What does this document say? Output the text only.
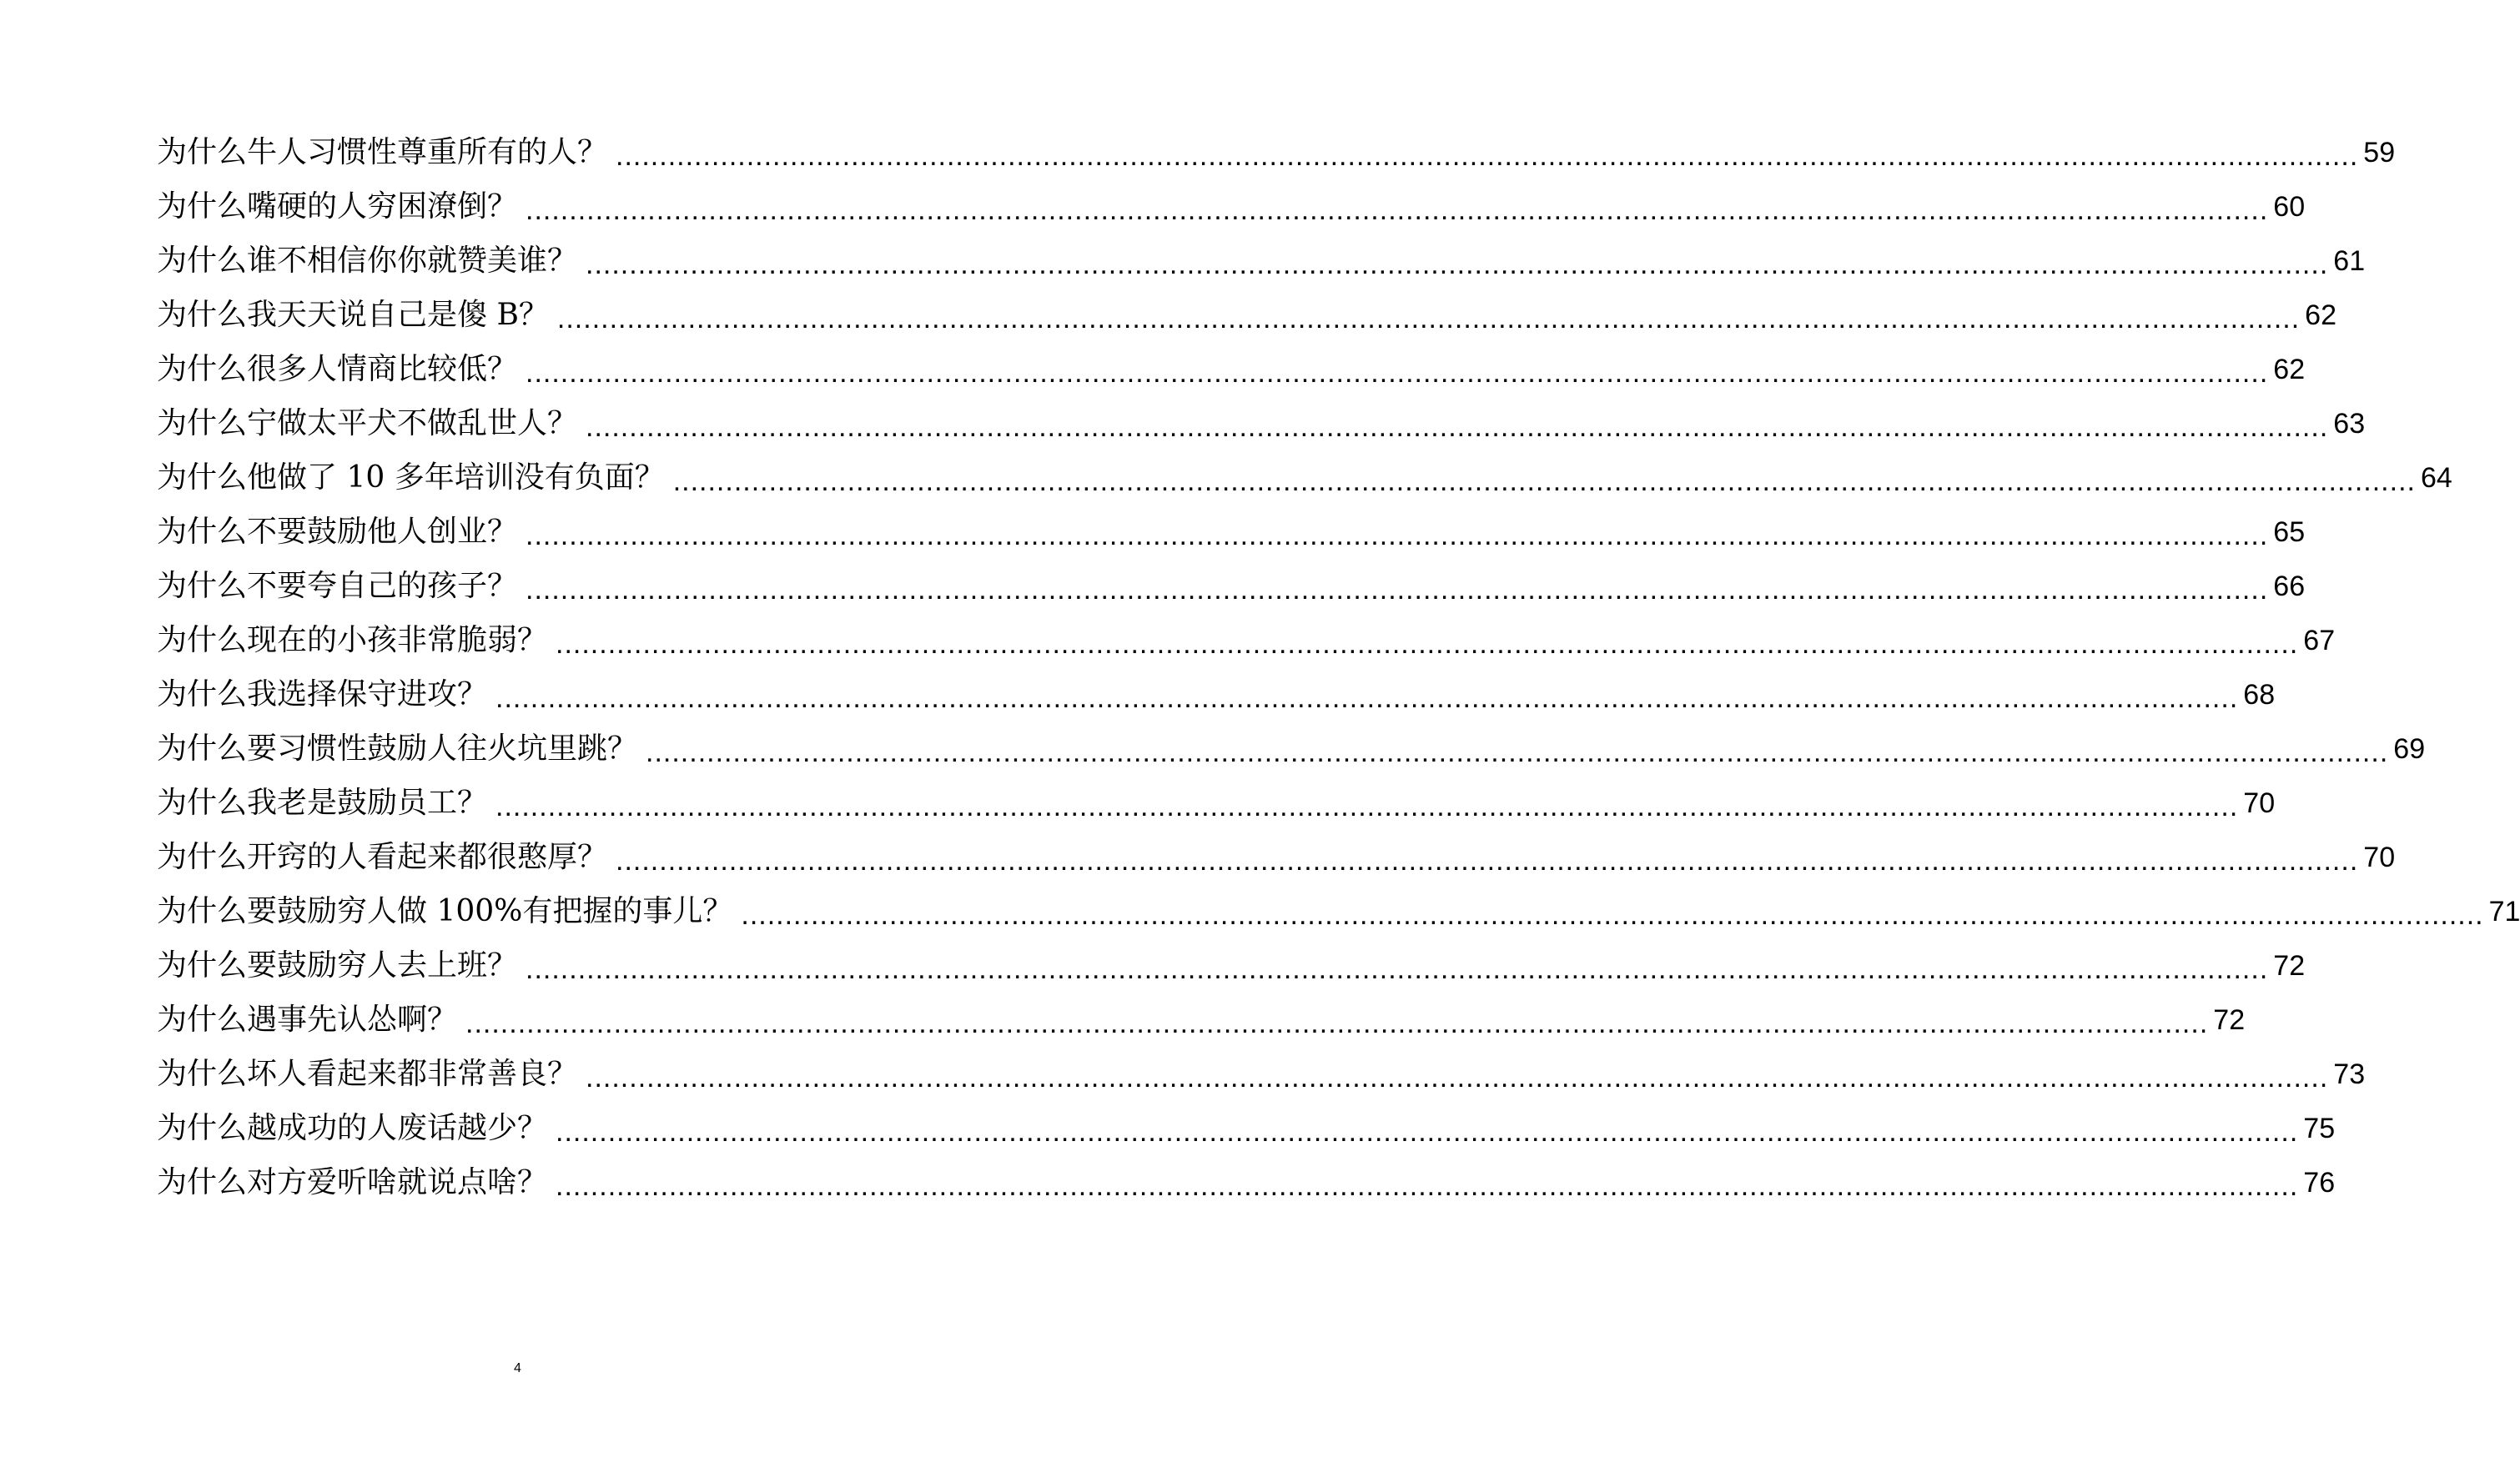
为什么牛人习惯性尊重所有的人？ ........................................................................................................................................................................................................ 59
为什么嘴硬的人穷困潦倒？ ........................................................................................................................................................................................................ 60
为什么谁不相信你你就赞美谁？ ........................................................................................................................................................................................................ 61
为什么我天天说自己是傻 B？ ........................................................................................................................................................................................................ 62
为什么很多人情商比较低？ ........................................................................................................................................................................................................ 62
为什么宁做太平犬不做乱世人？ ........................................................................................................................................................................................................ 63
为什么他做了 10 多年培训没有负面？ ........................................................................................................................................................................................................ 64
为什么不要鼓励他人创业？ ........................................................................................................................................................................................................ 65
为什么不要夸自己的孩子？ ........................................................................................................................................................................................................ 66
为什么现在的小孩非常脆弱？ ........................................................................................................................................................................................................ 67
为什么我选择保守进攻？ ........................................................................................................................................................................................................ 68
为什么要习惯性鼓励人往火坑里跳？ ........................................................................................................................................................................................................ 69
为什么我老是鼓励员工？ ........................................................................................................................................................................................................ 70
为什么开窍的人看起来都很憨厚？ ........................................................................................................................................................................................................ 70
为什么要鼓励穷人做 100%有把握的事儿？ ........................................................................................................................................................................................................ 71
为什么要鼓励穷人去上班？ ........................................................................................................................................................................................................ 72
为什么遇事先认怂啊？ ........................................................................................................................................................................................................ 72
为什么坏人看起来都非常善良？ ........................................................................................................................................................................................................ 73
为什么越成功的人废话越少？ ........................................................................................................................................................................................................ 75
为什么对方爱听啥就说点啥？ ........................................................................................................................................................................................................ 76
4
